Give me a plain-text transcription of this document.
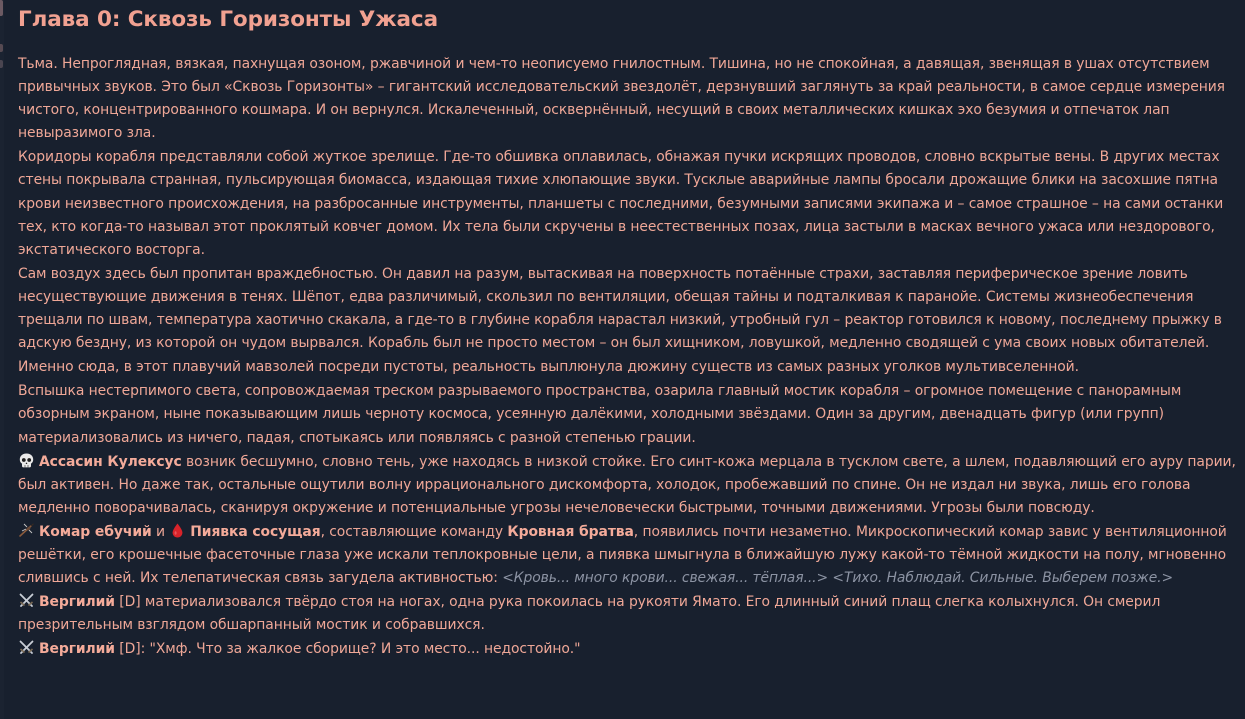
Глава 0: Сквозь Горизонты Ужаса

Тьма. Непроглядная, вязкая, пахнущая озоном, ржавчиной и чем-то неописуемо гнилостным. Тишина, но не спокойная, а давящая, звенящая в ушах отсутствием привычных звуков. Это был «Сквозь Горизонты» – гигантский исследовательский звездолёт, дерзнувший заглянуть за край реальности, в самое сердце измерения чистого, концентрированного кошмара. И он вернулся. Искалеченный, осквернённый, несущий в своих металлических кишках эхо безумия и отпечаток лап невыразимого зла.

Коридоры корабля представляли собой жуткое зрелище. Где-то обшивка оплавилась, обнажая пучки искрящих проводов, словно вскрытые вены. В других местах стены покрывала странная, пульсирующая биомасса, издающая тихие хлюпающие звуки. Тусклые аварийные лампы бросали дрожащие блики на засохшие пятна крови неизвестного происхождения, на разбросанные инструменты, планшеты с последними, безумными записями экипажа и – самое страшное – на сами останки тех, кто когда-то называл этот проклятый ковчег домом. Их тела были скручены в неестественных позах, лица застыли в масках вечного ужаса или нездорового, экстатического восторга.

Сам воздух здесь был пропитан враждебностью. Он давил на разум, вытаскивая на поверхность потаённые страхи, заставляя периферическое зрение ловить несуществующие движения в тенях. Шёпот, едва различимый, скользил по вентиляции, обещая тайны и подталкивая к паранойе. Системы жизнеобеспечения трещали по швам, температура хаотично скакала, а где-то в глубине корабля нарастал низкий, утробный гул – реактор готовился к новому, последнему прыжку в адскую бездну, из которой он чудом вырвался. Корабль был не просто местом – он был хищником, ловушкой, медленно сводящей с ума своих новых обитателей.

Именно сюда, в этот плавучий мавзолей посреди пустоты, реальность выплюнула дюжину существ из самых разных уголков мультивселенной.

Вспышка нестерпимого света, сопровождаемая треском разрываемого пространства, озарила главный мостик корабля – огромное помещение с панорамным обзорным экраном, ныне показывающим лишь черноту космоса, усеянную далёкими, холодными звёздами. Один за другим, двенадцать фигур (или групп) материализовались из ничего, падая, спотыкаясь или появляясь с разной степенью грации.

Ассасин Кулексус возник бесшумно, словно тень, уже находясь в низкой стойке. Его синт-кожа мерцала в тусклом свете, а шлем, подавляющий его ауру парии, был активен. Но даже так, остальные ощутили волну иррационального дискомфорта, холодок, пробежавший по спине. Он не издал ни звука, лишь его голова медленно поворачивалась, сканируя окружение и потенциальные угрозы нечеловечески быстрыми, точными движениями. Угрозы были повсюду.

Комар ебучий и
Пиявка сосущая, составляющие команду Кровная братва, появились почти незаметно. Микроскопический комар завис у вентиляционной решётки, его крошечные фасеточные глаза уже искали теплокровные цели, а пиявка шмыгнула в ближайшую лужу какой-то тёмной жидкости на полу, мгновенно слившись с ней. Их телепатическая связь загудела активностью: <Кровь... много крови... свежая... тёплая...> <Тихо. Наблюдай. Сильные. Выберем позже.>

Вергилий [D] материализовался твёрдо стоя на ногах, одна рука покоилась на рукояти Ямато. Его длинный синий плащ слегка колыхнулся. Он смерил презрительным взглядом обшарпанный мостик и собравшихся.

Вергилий [D]: "Хмф. Что за жалкое сборище? И это место... недостойно."
